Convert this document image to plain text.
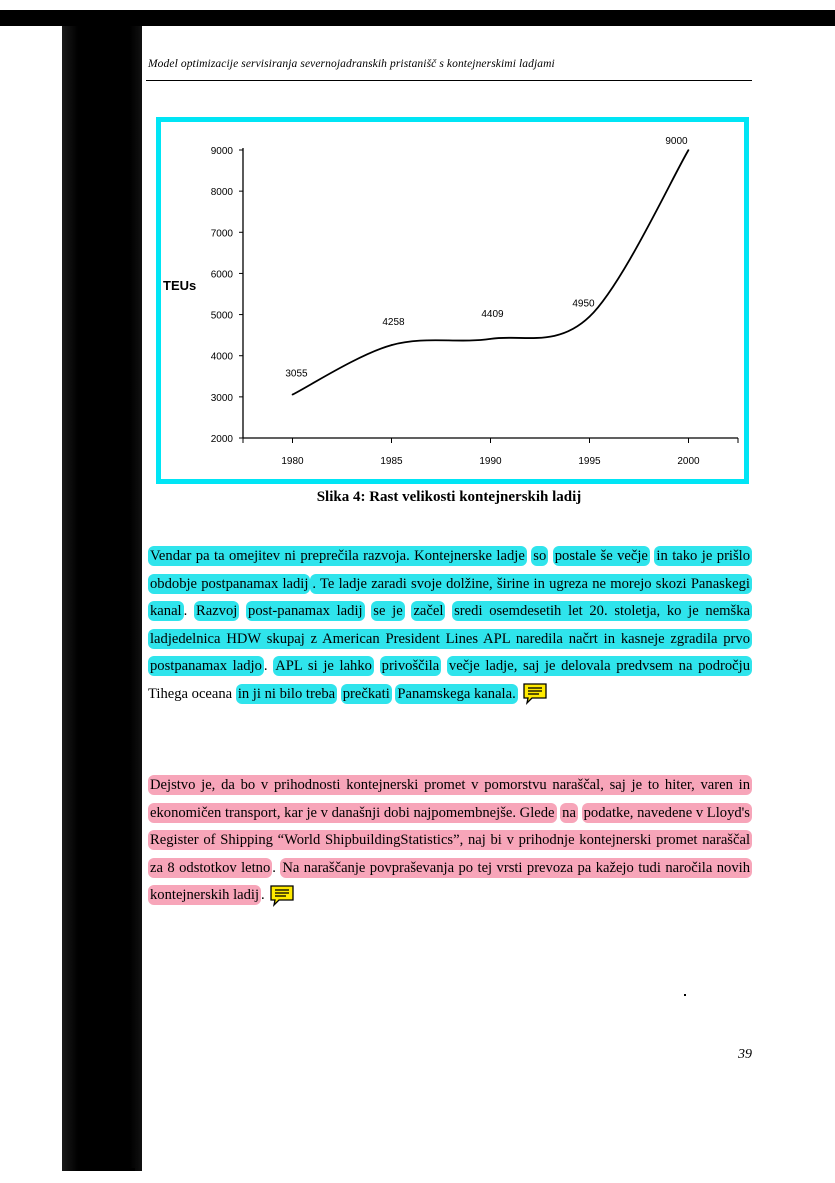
Model optimizacije servisiranja severnojadranskih pristanišč s kontejnerskimi ladjami
2000
3000
4000
5000
6000
7000
8000
9000
1980	1985	1990	1995	2000
TEUs
3055
4258
4409
4950
9000
Slika 4: Rast velikosti kontejnerskih ladij
Vendar pa ta omejitev ni preprečila razvoja. Kontejnerske ladje so postale še večje in tako je prišlo obdobje postpanamax ladij . Te ladje zaradi svoje dolžine, širine in ugreza ne morejo skozi Panaskegi kanal . Razvoj post-panamax ladij se je začel sredi osemdesetih let 20. stoletja, ko je nemška ladjedelnica HDW skupaj z American President Lines APL naredila načrt in kasneje zgradila prvo postpanamax ladjo . APL si je lahko privoščila večje ladje, saj je delovala predvsem na področju Tihega oceana in ji ni bilo treba prečkati Panamskega kanala.
Dejstvo je, da bo v prihodnosti kontejnerski promet v pomorstvu naraščal, saj je to hiter, varen in ekonomičen transport, kar je v današnji dobi najpomembnejše. Glede na podatke, navedene v Lloyd's Register of Shipping “World ShipbuildingStatistics”, naj bi v prihodnje kontejnerski promet naraščal za 8 odstotkov letno . Na naraščanje povpraševanja po tej vrsti prevoza pa kažejo tudi naročila novih kontejnerskih ladij .
39
